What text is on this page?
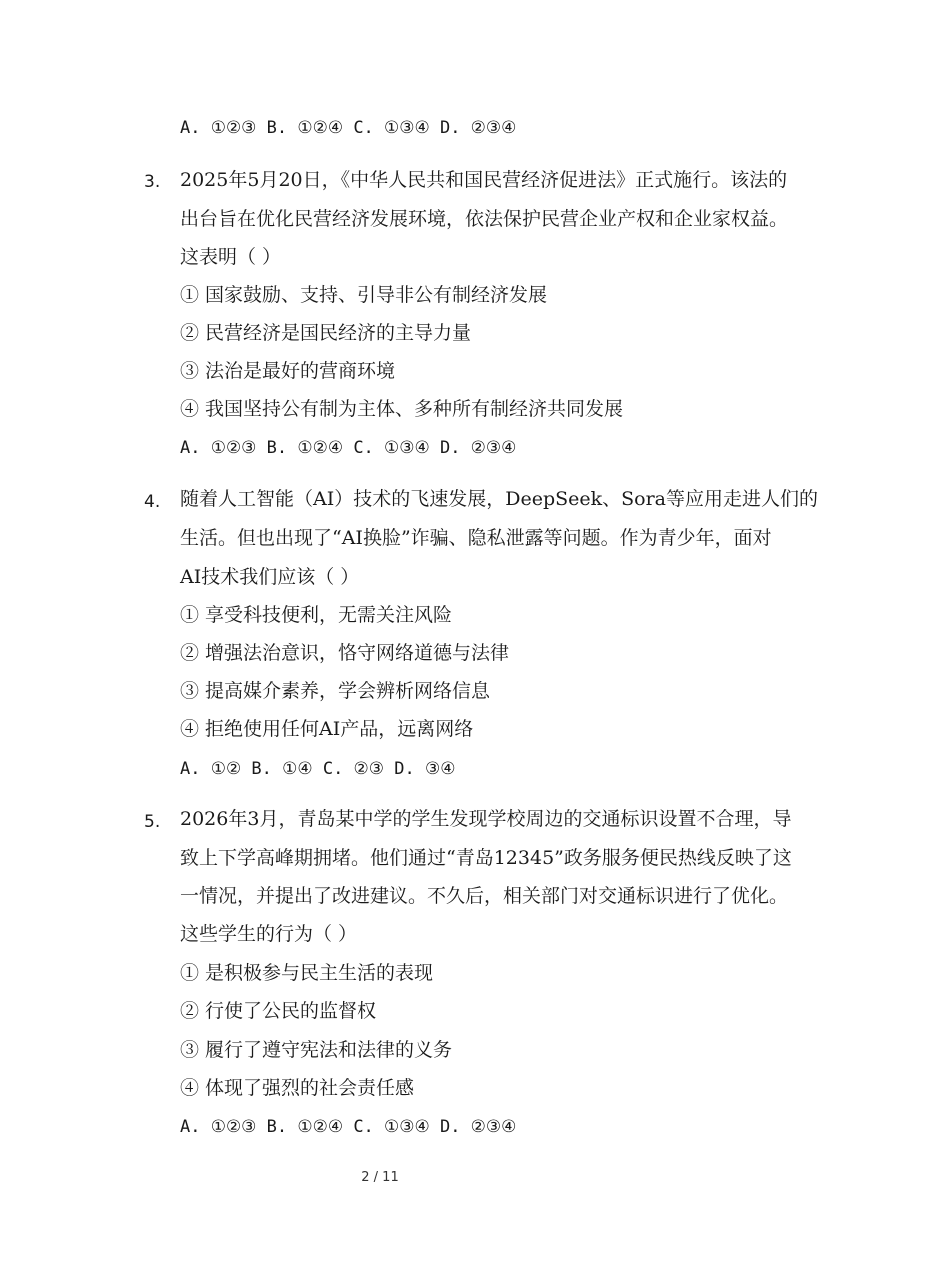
A. ①②③ B. ①②④ C. ①③④ D. ②③④
3. 2025年5月20日，《中华人民共和国民营经济促进法》正式施行。该法的
出台旨在优化民营经济发展环境，依法保护民营企业产权和企业家权益。
这表明（ ）
① 国家鼓励、支持、引导非公有制经济发展
② 民营经济是国民经济的主导力量
③ 法治是最好的营商环境
④ 我国坚持公有制为主体、多种所有制经济共同发展
A. ①②③ B. ①②④ C. ①③④ D. ②③④
4. 随着人工智能（AI）技术的飞速发展，DeepSeek、Sora等应用走进人们的
生活。但也出现了“AI换脸”诈骗、隐私泄露等问题。作为青少年，面对
AI技术我们应该（ ）
① 享受科技便利，无需关注风险
② 增强法治意识，恪守网络道德与法律
③ 提高媒介素养，学会辨析网络信息
④ 拒绝使用任何AI产品，远离网络
A. ①② B. ①④ C. ②③ D. ③④
5. 2026年3月，青岛某中学的学生发现学校周边的交通标识设置不合理，导
致上下学高峰期拥堵。他们通过“青岛12345”政务服务便民热线反映了这
一情况，并提出了改进建议。不久后，相关部门对交通标识进行了优化。
这些学生的行为（ ）
① 是积极参与民主生活的表现
② 行使了公民的监督权
③ 履行了遵守宪法和法律的义务
④ 体现了强烈的社会责任感
A. ①②③ B. ①②④ C. ①③④ D. ②③④
2 / 11
